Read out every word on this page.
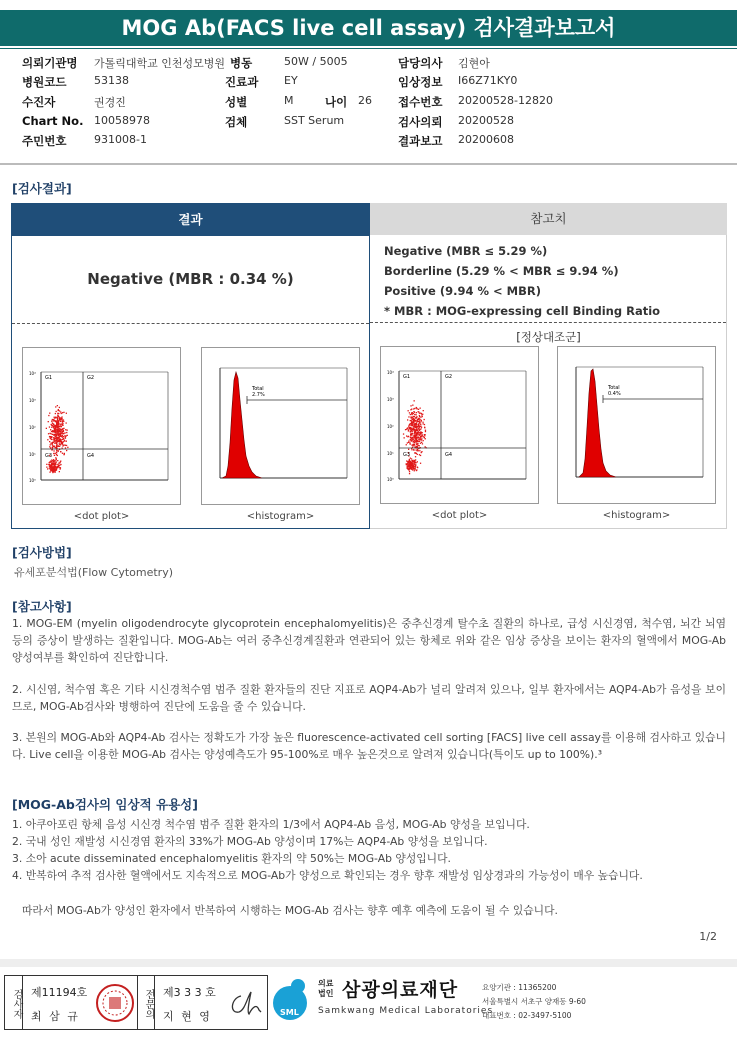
MOG Ab(FACS live cell assay) 검사결과보고서
의뢰기관명 가톨릭대학교 인천성모병원 병동	50W / 5005	담당의사 김현아
병원코드	53138	진료과 EY	임상정보 I66Z71KY0
수진자	권경진	성별	M	나이 26 접수번호 20200528-12820
Chart No. 10058978	검체	SST Serum	검사의뢰 20200528
주민번호	931008-1	결과보고 20200608
[검사결과]
결과
Negative (MBR : 0.34 %)
G1	G2
G3	G4
10⁴
10³
10²
10¹
10⁰
<dot plot>
Total
2.7%
<histogram>
참고치
Negative (MBR ≤ 5.29 %)
Borderline (5.29 % < MBR ≤ 9.94 %)
Positive (9.94 % < MBR)
* MBR : MOG-expressing cell Binding Ratio
[정상대조군]
G1	G2
G3	G4
10⁴
10³
10²
10¹
10⁰
<dot plot>
Total
0.4%
<histogram>
[검사방법]
유세포분석법(Flow Cytometry)
[참고사항]
1. MOG-EM (myelin oligodendrocyte glycoprotein encephalomyelitis)은 중추신경계 탈수초 질환의 하나로, 급성 시신경염, 척수염, 뇌간 뇌염 등의 증상이 발생하는 질환입니다. MOG-Ab는 여러 중추신경계질환과 연관되어 있는 항체로 위와 같은 임상 증상을 보이는 환자의 혈액에서 MOG-Ab 양성여부를 확인하여 진단합니다.
2. 시신염, 척수염 혹은 기타 시신경척수염 범주 질환 환자들의 진단 지표로 AQP4-Ab가 널리 알려져 있으나, 일부 환자에서는 AQP4-Ab가 음성을 보이므로, MOG-Ab검사와 병행하여 진단에 도움을 줄 수 있습니다.
3. 본원의 MOG-Ab와 AQP4-Ab 검사는 정확도가 가장 높은 fluorescence-activated cell sorting [FACS] live cell assay를 이용해 검사하고 있습니다. Live cell을 이용한 MOG-Ab 검사는 양성예측도가 95-100%로 매우 높은것으로 알려져 있습니다(특이도 up to 100%).³
[MOG-Ab검사의 임상적 유용성]
1. 아쿠아포린 항체 음성 시신경 척수염 범주 질환 환자의 1/3에서 AQP4-Ab 음성, MOG-Ab 양성을 보입니다.
2. 국내 성인 재발성 시신경염 환자의 33%가 MOG-Ab 양성이며 17%는 AQP4-Ab 양성을 보입니다.
3. 소아 acute disseminated encephalomyelitis 환자의 약 50%는 MOG-Ab 양성입니다.
4. 반복하여 추적 검사한 혈액에서도 지속적으로 MOG-Ab가 양성으로 확인되는 경우 향후 재발성 임상경과의 가능성이 매우 높습니다.
따라서 MOG-Ab가 양성인 환자에서 반복하여 시행하는 MOG-Ab 검사는 향후 예후 예측에 도움이 될 수 있습니다.
1/2
검사자 제11194호
최 삼 규	전문의 제3 3 3 호
지 현 영	SML
의료
법인 삼광의료재단
Samkwang Medical Laboratories
요양기관 : 11365200
서울특별시 서초구 양재동 9-60
대표번호 : 02-3497-5100
